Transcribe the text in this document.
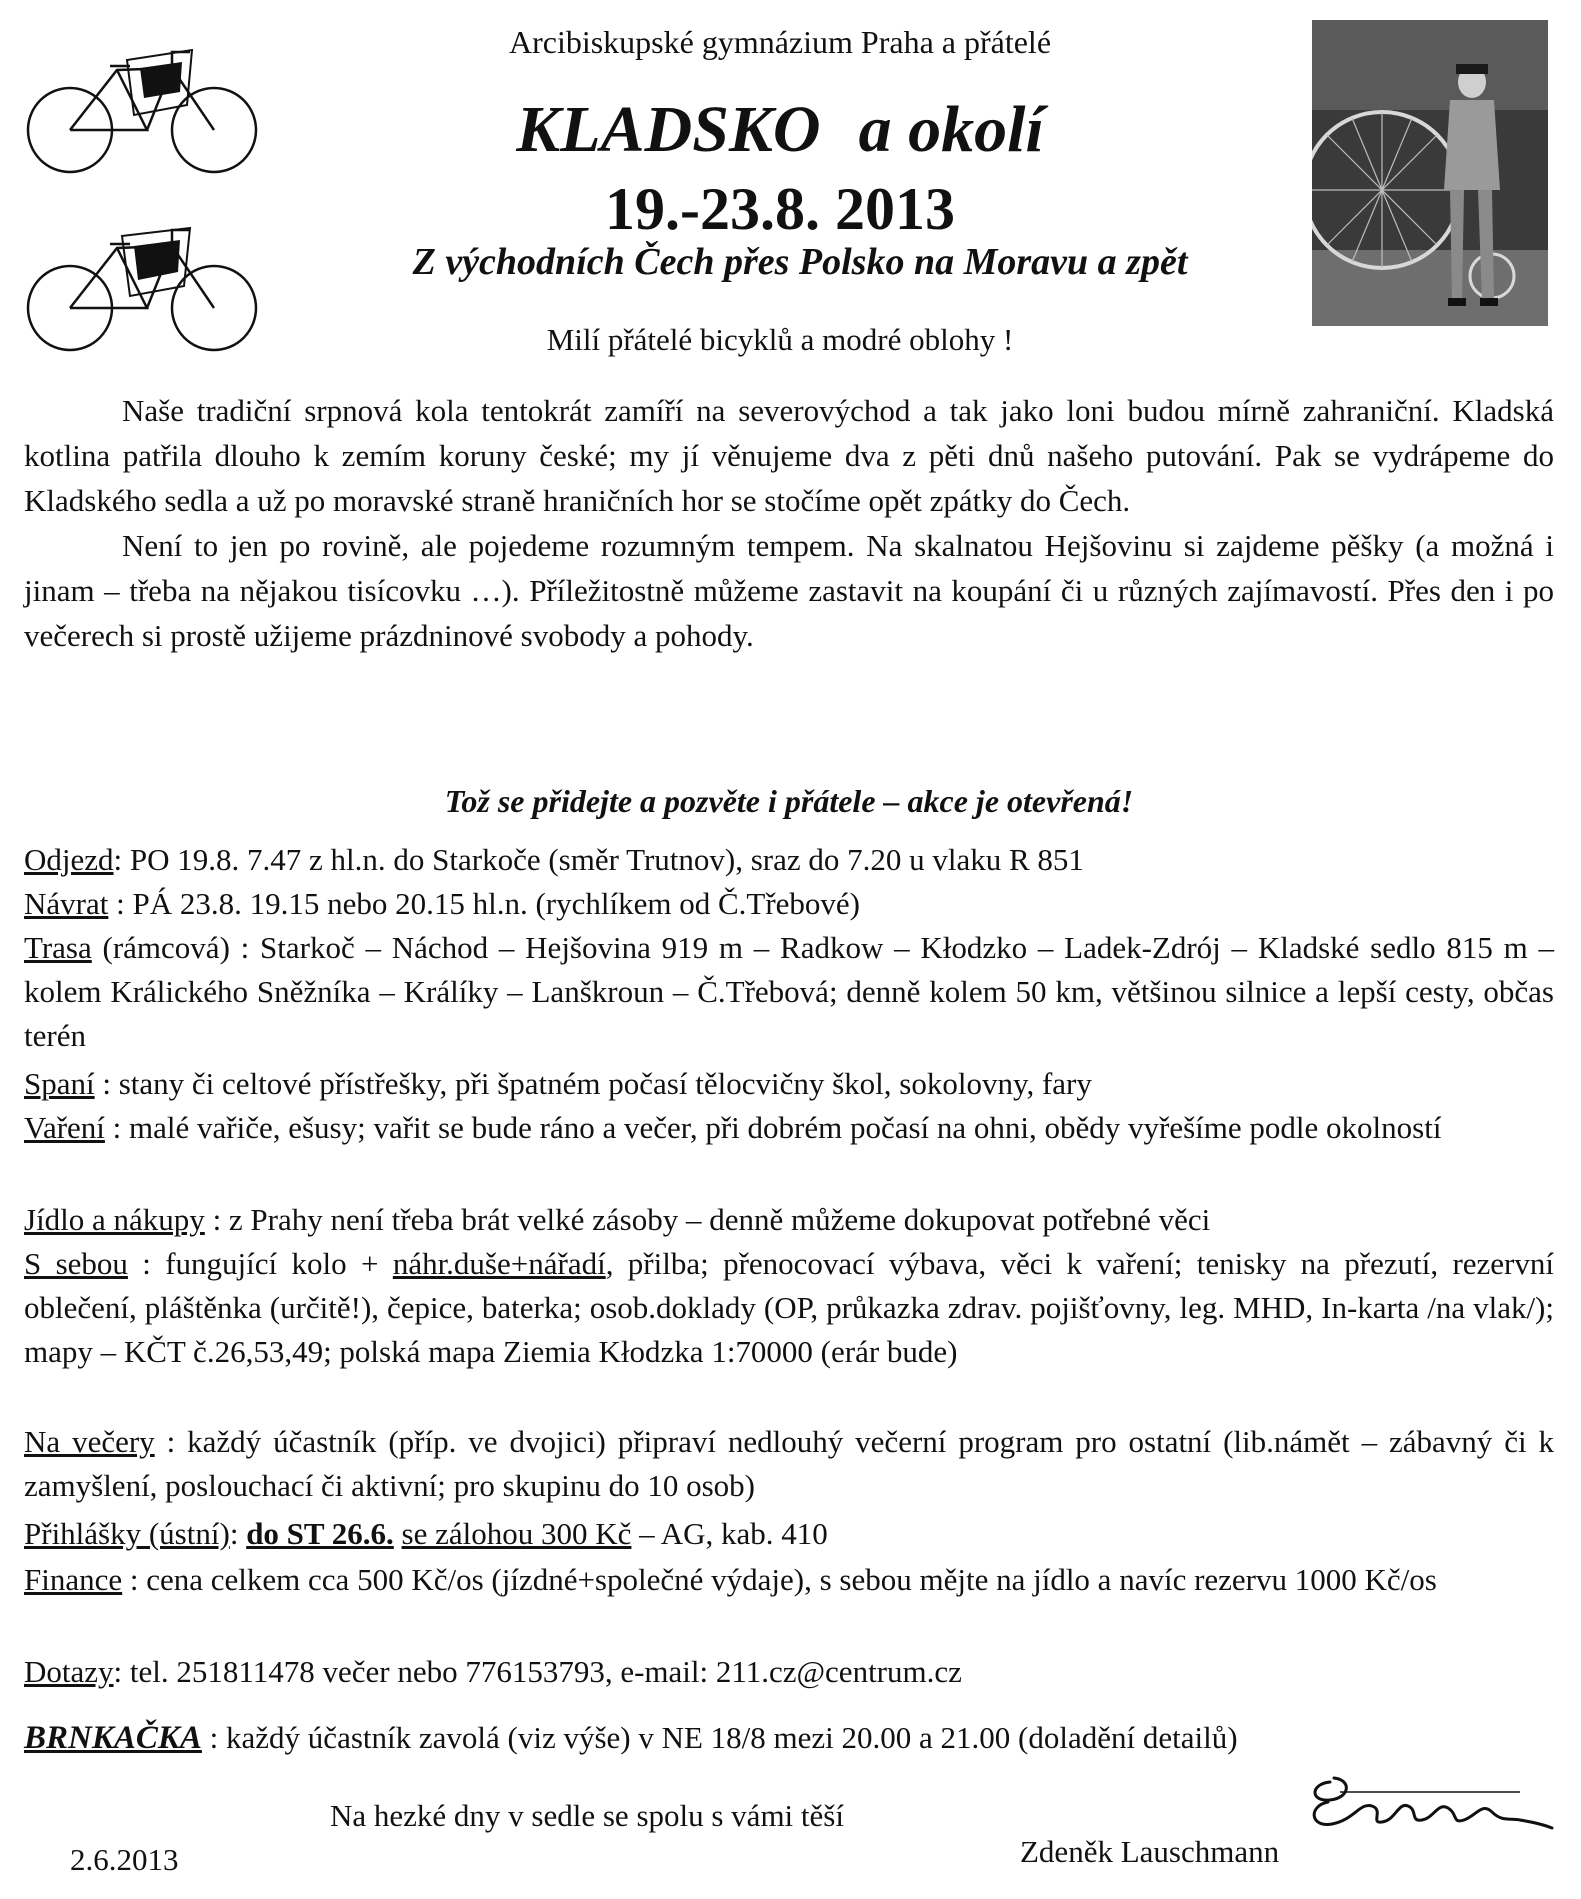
Arcibiskupské gymnázium Praha a přátelé
KLADSKO a okolí
19.-23.8. 2013
Z východních Čech přes Polsko na Moravu a zpět
Milí přátelé bicyklů a modré oblohy !

Naše tradiční srpnová kola tentokrát zamíří na severovýchod a tak jako loni budou mírně zahraniční. Kladská kotlina patřila dlouho k zemím koruny české; my jí věnujeme dva z pěti dnů našeho putování. Pak se vydrápeme do Kladského sedla a už po moravské straně hraničních hor se stočíme opět zpátky do Čech.

Není to jen po rovině, ale pojedeme rozumným tempem. Na skalnatou Hejšovinu si zajdeme pěšky (a možná i jinam – třeba na nějakou tisícovku …). Příležitostně můžeme zastavit na koupání či u různých zajímavostí. Přes den i po večerech si prostě užijeme prázdninové svobody a pohody.

Tož se přidejte a pozvěte i přátele – akce je otevřená!
Odjezd: PO 19.8. 7.47 z hl.n. do Starkoče (směr Trutnov), sraz do 7.20 u vlaku R 851
Návrat : PÁ 23.8. 19.15 nebo 20.15 hl.n. (rychlíkem od Č.Třebové)
Trasa (rámcová) : Starkoč – Náchod – Hejšovina 919 m – Radkow – Kłodzko – Ladek-Zdrój – Kladské sedlo 815 m – kolem Králického Sněžníka – Králíky – Lanškroun – Č.Třebová; denně kolem 50 km, většinou silnice a lepší cesty, občas terén
Spaní : stany či celtové přístřešky, při špatném počasí tělocvičny škol, sokolovny, fary
Vaření : malé vařiče, ešusy; vařit se bude ráno a večer, při dobrém počasí na ohni, obědy vyřešíme podle okolností
Jídlo a nákupy : z Prahy není třeba brát velké zásoby – denně můžeme dokupovat potřebné věci
S sebou : fungující kolo + náhr.duše+nářadí, přilba; přenocovací výbava, věci k vaření; tenisky na přezutí, rezervní oblečení, pláštěnka (určitě!), čepice, baterka; osob.doklady (OP, průkazka zdrav. pojišťovny, leg. MHD, In-karta /na vlak/); mapy – KČT č.26,53,49; polská mapa Ziemia Kłodzka 1:70000 (erár bude)
Na večery : každý účastník (příp. ve dvojici) připraví nedlouhý večerní program pro ostatní (lib.námět – zábavný či k zamyšlení, poslouchací či aktivní; pro skupinu do 10 osob)
Přihlášky (ústní): do ST 26.6. se zálohou 300 Kč – AG, kab. 410
Finance : cena celkem cca 500 Kč/os (jízdné+společné výdaje), s sebou mějte na jídlo a navíc rezervu 1000 Kč/os
Dotazy: tel. 251811478 večer nebo 776153793, e-mail: 211.cz@centrum.cz
BRNKAČKA : každý účastník zavolá (viz výše) v NE 18/8 mezi 20.00 a 21.00 (doladění detailů)
Na hezké dny v sedle se spolu s vámi těší
2.6.2013	Zdeněk Lauschmann
